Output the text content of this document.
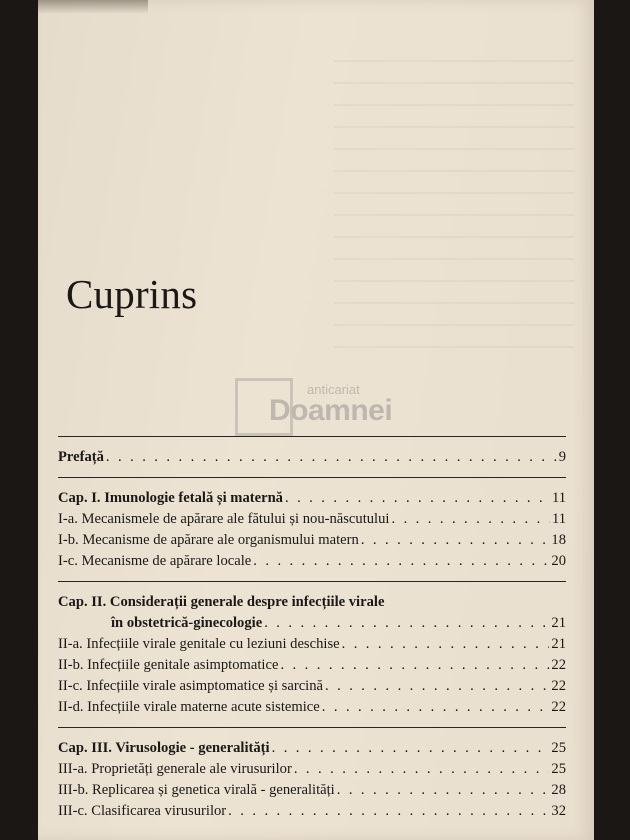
Cuprins
anticariat
Doamnei
Prefață . . .	9
Cap. I. Imunologie fetală și maternă . . .	11
I-a. Mecanismele de apărare ale fătului și nou-născutului . . .	11
I-b. Mecanisme de apărare ale organismului matern . . .	18
I-c. Mecanisme de apărare locale . . .	20
Cap. II. Considerații generale despre infecțiile virale
în obstetrică-ginecologie . . .	21
II-a. Infecțiile virale genitale cu leziuni deschise . . .	21
II-b. Infecțiile genitale asimptomatice . . .	22
II-c. Infecțiile virale asimptomatice și sarcină . . .	22
II-d. Infecțiile virale materne acute sistemice . . .	22
Cap. III. Virusologie - generalități . . .	25
III-a. Proprietăți generale ale virusurilor . . .	25
III-b. Replicarea și genetica virală - generalități . . .	28
III-c. Clasificarea virusurilor . . .	32
